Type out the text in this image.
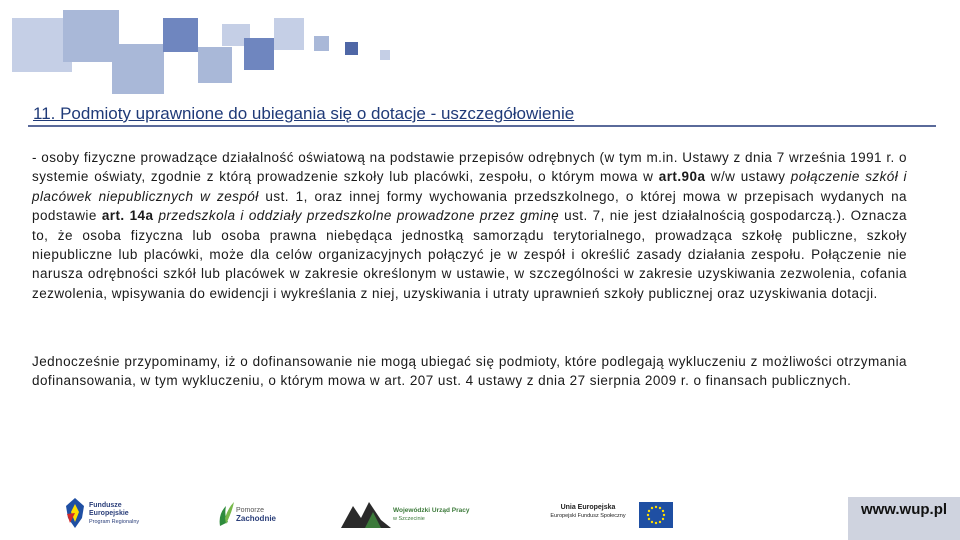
11. Podmioty uprawnione do ubiegania się o dotacje - uszczegółowienie

- osoby fizyczne prowadzące działalność oświatową na podstawie przepisów odrębnych (w tym m.in. Ustawy z dnia 7 września 1991 r. o systemie oświaty, zgodnie z którą prowadzenie szkoły lub placówki, zespołu, o którym mowa w art.90a w/w ustawy połączenie szkół i placówek niepublicznych w zespół ust. 1, oraz innej formy wychowania przedszkolnego, o której mowa w przepisach wydanych na podstawie art. 14a przedszkola i oddziały przedszkolne prowadzone przez gminę ust. 7, nie jest działalnością gospodarczą.). Oznacza to, że osoba fizyczna lub osoba prawna niebędąca jednostką samorządu terytorialnego, prowadząca szkołę publiczne, szkoły niepubliczne lub placówki, może dla celów organizacyjnych połączyć je w zespół i określić zasady działania zespołu. Połączenie nie narusza odrębności szkół lub placówek w zakresie określonym w ustawie, w szczególności w zakresie uzyskiwania zezwolenia, cofania zezwolenia, wpisywania do ewidencji i wykreślania z niej, uzyskiwania i utraty uprawnień szkoły publicznej oraz uzyskiwania dotacji.

Jednocześnie przypominamy, iż o dofinansowanie nie mogą ubiegać się podmioty, które podlegają wykluczeniu z możliwości otrzymania dofinansowania, w tym wykluczeniu, o którym mowa w art. 207 ust. 4 ustawy z dnia 27 sierpnia 2009 r. o finansach publicznych.

Fundusze
Europejskie
Program Regionalny
Pomorze
Zachodnie
Wojewódzki Urząd Pracy
w Szczecinie
Unia Europejska
Europejski Fundusz Społeczny	www.wup.pl
